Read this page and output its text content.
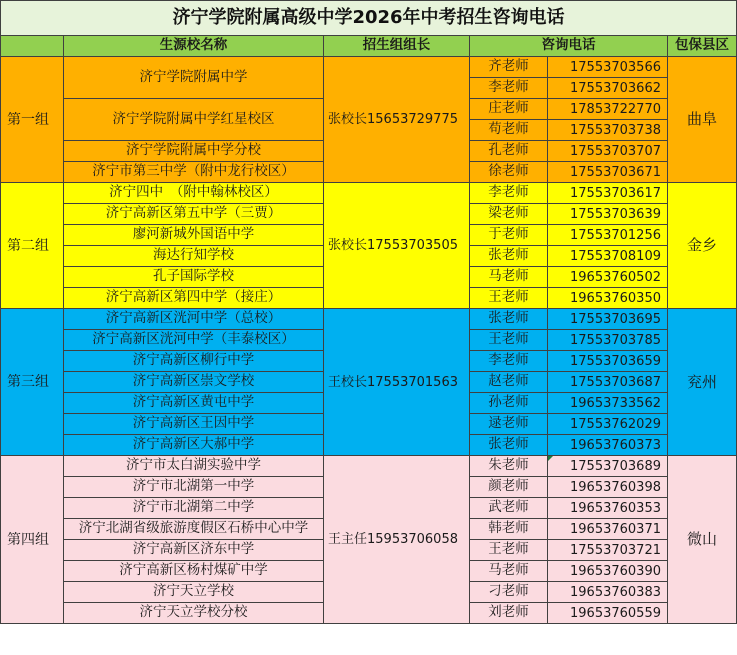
济宁学院附属高级中学2026年中考招生咨询电话					
	生源校名称	招生组组长	咨询电话		包保县区
第一组	济宁学院附属中学	张校长15653729775	齐老师	17553703566	曲阜
			李老师	17553703662	
	济宁学院附属中学红星校区		庄老师	17853722770	
			苟老师	17553703738	
	济宁学院附属中学分校		孔老师	17553703707	
	济宁市第三中学（附中龙行校区）		徐老师	17553703671	
第二组	济宁四中　（附中翰林校区）	张校长17553703505	李老师	17553703617	金乡
	济宁高新区第五中学（三贾）		梁老师	17553703639	
	廖河新城外国语中学		于老师	17553701256	
	海达行知学校		张老师	17553708109	
	孔子国际学校		马老师	19653760502	
	济宁高新区第四中学（接庄）		王老师	19653760350	
第三组	济宁高新区洸河中学（总校）	王校长17553701563	张老师	17553703695	兖州
	济宁高新区洸河中学（丰泰校区）		王老师	17553703785	
	济宁高新区柳行中学		李老师	17553703659	
	济宁高新区崇文学校		赵老师	17553703687	
	济宁高新区黄屯中学		孙老师	19653733562	
	济宁高新区王因中学		逯老师	17553762029	
	济宁高新区大郝中学		张老师	19653760373	
第四组	济宁市太白湖实验中学	王主任15953706058	朱老师	17553703689	微山
	济宁市北湖第一中学		颜老师	19653760398	
	济宁市北湖第二中学		武老师	19653760353	
	济宁北湖省级旅游度假区石桥中心中学		韩老师	19653760371	
	济宁高新区济东中学		王老师	17553703721	
	济宁高新区杨村煤矿中学		马老师	19653760390	
	济宁天立学校		刁老师	19653760383	
	济宁天立学校分校		刘老师	19653760559	
